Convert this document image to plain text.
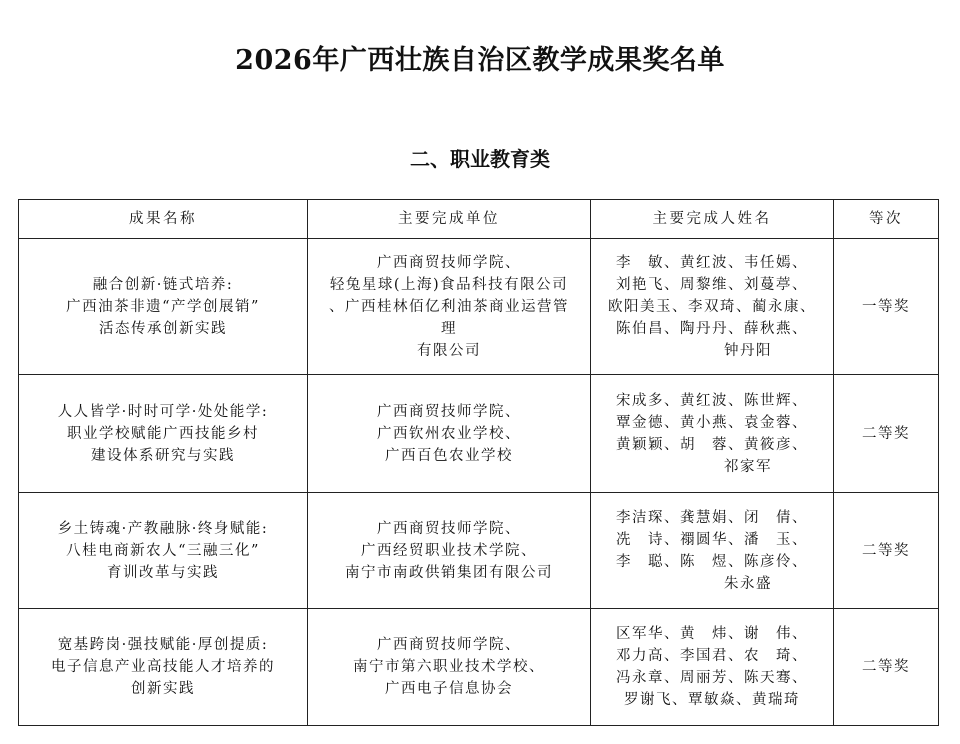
2026年广西壮族自治区教学成果奖名单
二、职业教育类
成果名称	主要完成单位	主要完成人姓名	等次

融合创新·链式培养:
广西油茶非遗“产学创展销”
活态传承创新实践	广西商贸技师学院、
轻兔星球(上海)食品科技有限公司
、广西桂林佰亿利油茶商业运营管
理
有限公司	李　敏、黄红波、韦任嫣、
刘艳飞、周黎维、刘蔓葶、
欧阳美玉、李双琦、蔺永康、
陈伯昌、陶丹丹、薛秋燕、
钟丹阳	一等奖

人人皆学·时时可学·处处能学:
职业学校赋能广西技能乡村
建设体系研究与实践	广西商贸技师学院、
广西钦州农业学校、
广西百色农业学校	宋成多、黄红波、陈世辉、
覃金德、黄小燕、袁金蓉、
黄颖颖、胡　蓉、黄筱彦、
祁家军	二等奖

乡土铸魂·产教融脉·终身赋能:
八桂电商新农人“三融三化”
育训改革与实践	广西商贸技师学院、
广西经贸职业技术学院、
南宁市南政供销集团有限公司	李洁琛、龚慧娟、闭　倩、
冼　诗、禤圆华、潘　玉、
李　聪、陈　煜、陈彦伶、
朱永盛	二等奖

宽基跨岗·强技赋能·厚创提质:
电子信息产业高技能人才培养的
创新实践	广西商贸技师学院、
南宁市第六职业技术学校、
广西电子信息协会	区军华、黄　炜、谢　伟、
邓力高、李国君、农　琦、
冯永章、周丽芳、陈天骞、
罗谢飞、覃敏焱、黄瑞琦	二等奖
